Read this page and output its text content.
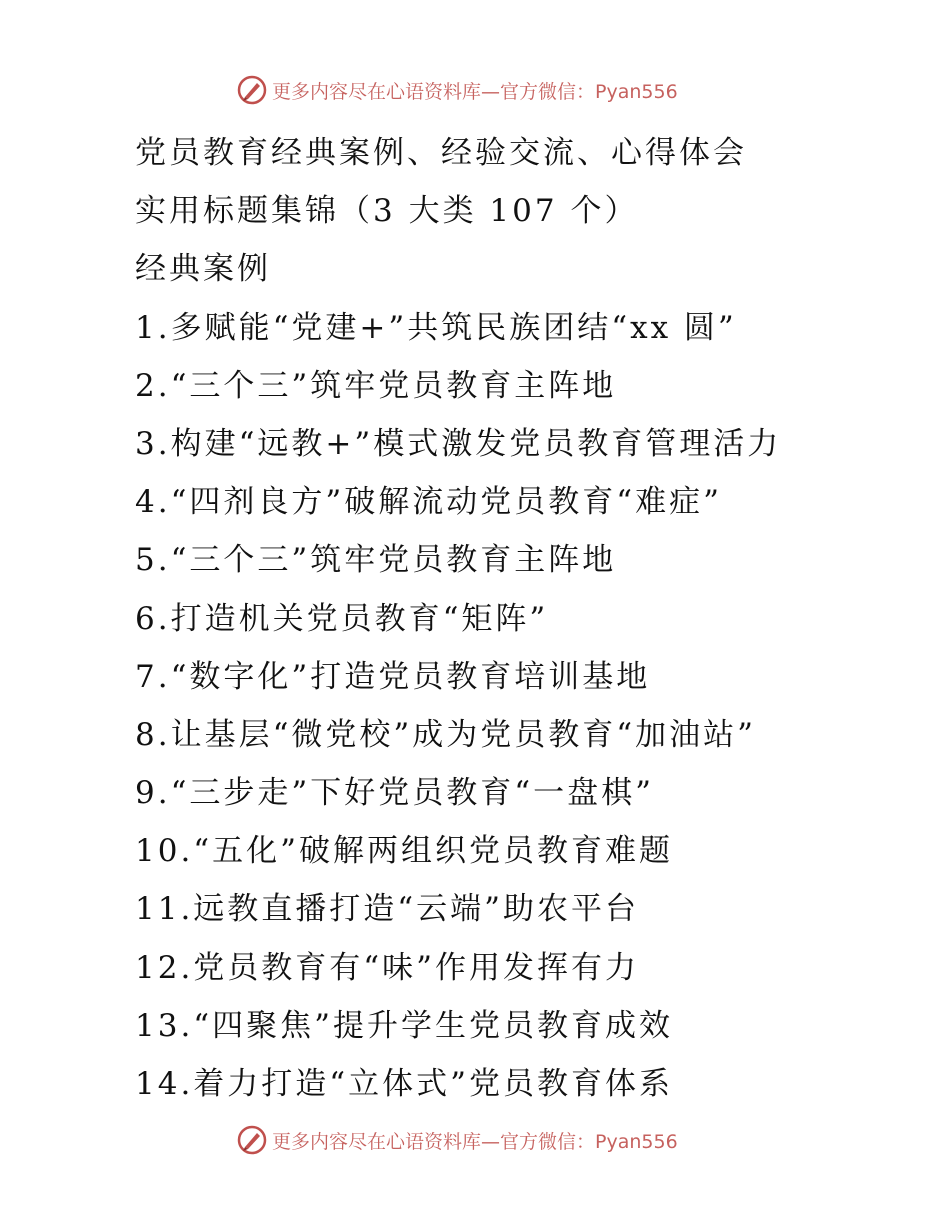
更多内容尽在心语资料库—官方微信：Pyan556
党员教育经典案例、经验交流、心得体会
实用标题集锦（3 大类 107 个）
经典案例
1.多赋能“党建+”共筑民族团结“xx 圆”
2.“三个三”筑牢党员教育主阵地
3.构建“远教+”模式激发党员教育管理活力
4.“四剂良方”破解流动党员教育“难症”
5.“三个三”筑牢党员教育主阵地
6.打造机关党员教育“矩阵”
7.“数字化”打造党员教育培训基地
8.让基层“微党校”成为党员教育“加油站”
9.“三步走”下好党员教育“一盘棋”
10.“五化”破解两组织党员教育难题
11.远教直播打造“云端”助农平台
12.党员教育有“味”作用发挥有力
13.“四聚焦”提升学生党员教育成效
14.着力打造“立体式”党员教育体系
更多内容尽在心语资料库—官方微信：Pyan556
